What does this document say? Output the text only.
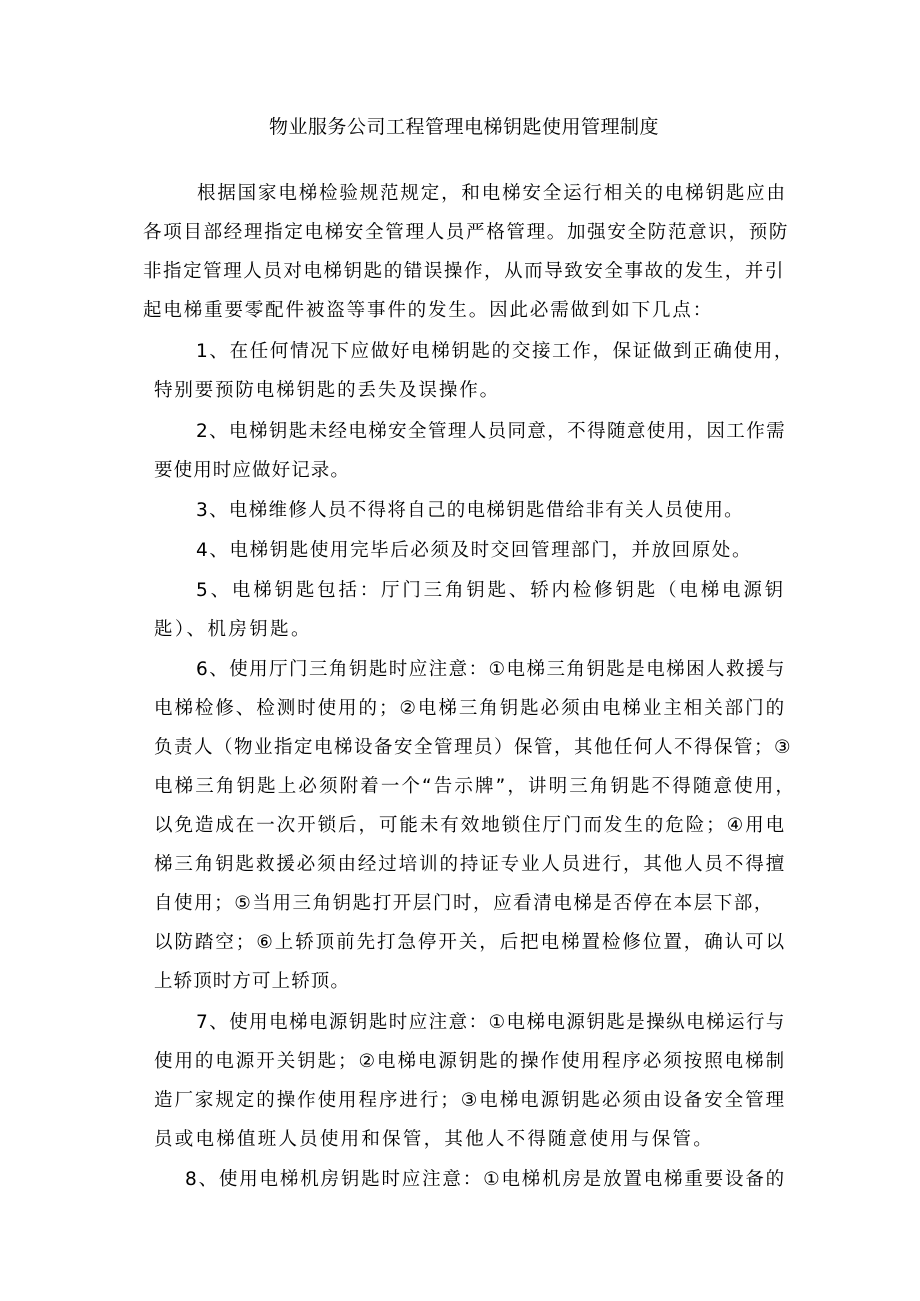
物业服务公司工程管理电梯钥匙使用管理制度
根据国家电梯检验规范规定，和电梯安全运行相关的电梯钥匙应由
各项目部经理指定电梯安全管理人员严格管理。加强安全防范意识，预防
非指定管理人员对电梯钥匙的错误操作，从而导致安全事故的发生，并引
起电梯重要零配件被盗等事件的发生。因此必需做到如下几点：
1、在任何情况下应做好电梯钥匙的交接工作，保证做到正确使用，
特别要预防电梯钥匙的丢失及误操作。
2、电梯钥匙未经电梯安全管理人员同意，不得随意使用，因工作需
要使用时应做好记录。
3、电梯维修人员不得将自己的电梯钥匙借给非有关人员使用。
4、电梯钥匙使用完毕后必须及时交回管理部门，并放回原处。
5、电梯钥匙包括：厅门三角钥匙、轿内检修钥匙（电梯电源钥
匙）、机房钥匙。
6、使用厅门三角钥匙时应注意：①电梯三角钥匙是电梯困人救援与
电梯检修、检测时使用的；②电梯三角钥匙必须由电梯业主相关部门的
负责人（物业指定电梯设备安全管理员）保管，其他任何人不得保管；③
电梯三角钥匙上必须附着一个“告示牌”，讲明三角钥匙不得随意使用，
以免造成在一次开锁后，可能未有效地锁住厅门而发生的危险；④用电
梯三角钥匙救援必须由经过培训的持证专业人员进行，其他人员不得擅
自使用；⑤当用三角钥匙打开层门时，应看清电梯是否停在本层下部，
以防踏空；⑥上轿顶前先打急停开关，后把电梯置检修位置，确认可以
上轿顶时方可上轿顶。
7、使用电梯电源钥匙时应注意：①电梯电源钥匙是操纵电梯运行与
使用的电源开关钥匙；②电梯电源钥匙的操作使用程序必须按照电梯制
造厂家规定的操作使用程序进行；③电梯电源钥匙必须由设备安全管理
员或电梯值班人员使用和保管，其他人不得随意使用与保管。
8、使用电梯机房钥匙时应注意：①电梯机房是放置电梯重要设备的
